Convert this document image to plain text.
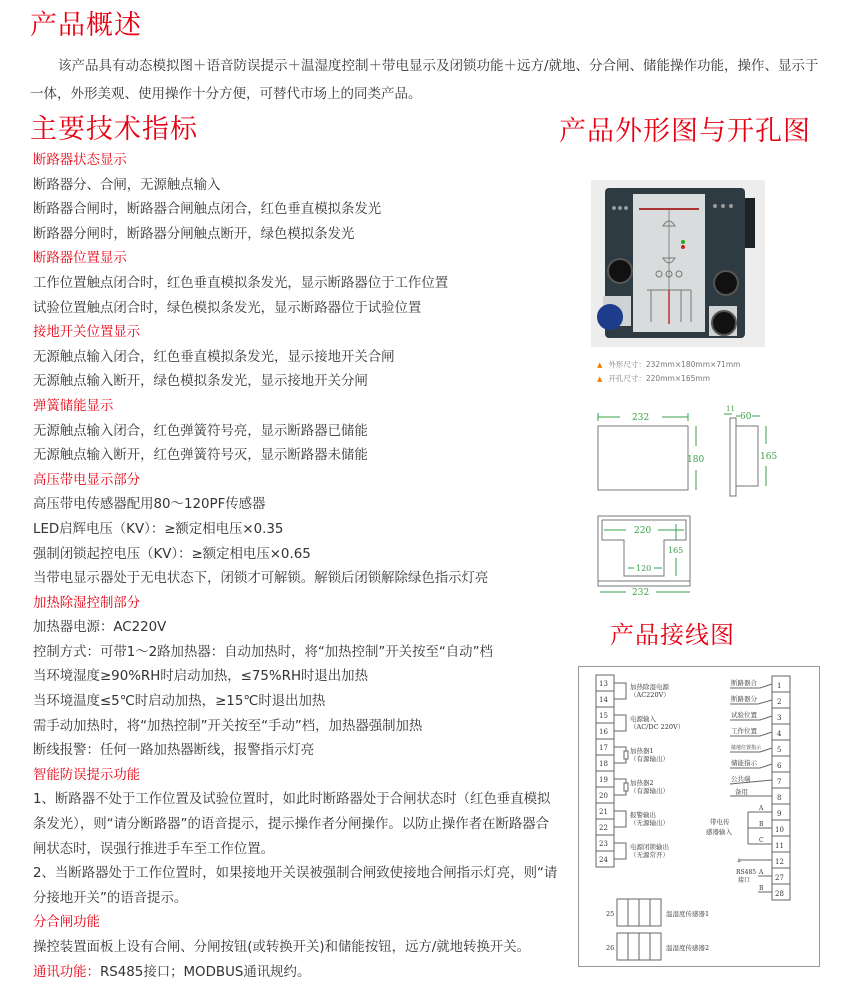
产品概述
该产品具有动态模拟图＋语音防误提示＋温湿度控制＋带电显示及闭锁功能＋远方/就地、分合闸、储能操作功能，操作、显示于一体，外形美观、使用操作十分方便，可替代市场上的同类产品。
主要技术指标
断路器状态显示
断路器分、合闸，无源触点输入
断路器合闸时，断路器合闸触点闭合，红色垂直模拟条发光
断路器分闸时，断路器分闸触点断开，绿色模拟条发光
断路器位置显示
工作位置触点闭合时，红色垂直模拟条发光，显示断路器位于工作位置
试验位置触点闭合时，绿色模拟条发光，显示断路器位于试验位置
接地开关位置显示
无源触点输入闭合，红色垂直模拟条发光，显示接地开关合闸
无源触点输入断开，绿色模拟条发光，显示接地开关分闸
弹簧储能显示
无源触点输入闭合，红色弹簧符号亮，显示断路器已储能
无源触点输入断开，红色弹簧符号灭，显示断路器未储能
高压带电显示部分
高压带电传感器配用80～120PF传感器
LED启辉电压（KV）：≥额定相电压×0.35
强制闭锁起控电压（KV）：≥额定相电压×0.65
当带电显示器处于无电状态下，闭锁才可解锁。解锁后闭锁解除绿色指示灯亮
加热除湿控制部分
加热器电源：AC220V
控制方式：可带1～2路加热器：自动加热时，将“加热控制”开关按至“自动”档
当环境湿度≥90%RH时启动加热，≤75%RH时退出加热
当环境温度≤5℃时启动加热，≥15℃时退出加热
需手动加热时，将“加热控制”开关按至“手动”档，加热器强制加热
断线报警：任何一路加热器断线，报警指示灯亮
智能防误提示功能
1、断路器不处于工作位置及试验位置时，如此时断路器处于合闸状态时（红色垂直模拟条发光），则“请分断路器”的语音提示，提示操作者分闸操作。以防止操作者在断路器合闸状态时，误强行推进手车至工作位置。
2、当断路器处于工作位置时，如果接地开关误被强制合闸致使接地合闸指示灯亮，则“请分接地开关”的语音提示。
分合闸功能
操控装置面板上设有合闸、分闸按钮(或转换开关)和储能按钮，远方/就地转换开关。
通讯功能：RS485接口；MODBUS通讯规约。
产品外形图与开孔图
▲ 外形尺寸：232mm×180mm×71mm
▲ 开孔尺寸：220mm×165mm
232
180
11
60
165
220
165
120
232
产品接线图
13
14
15
16
17
18
19
20
21
22
23
24
加热除湿电源
（AC220V）
电源输入
（AC/DC 220V）
加热器1
（有源输出）
加热器2
（有源输出）
报警输出
（无源输出）
电源闭锁输出
（无源常开）
1
2
3
4
5
6
7
8
9
10
11
12
27
28
断路器合
断路器分
试验位置
工作位置
接地位置指示
储能指示
公共端
备用
带电传
感器输入
A
B
C
RS485
接口
A
B
⏚
25	温湿度传感器1
26	温湿度传感器2
